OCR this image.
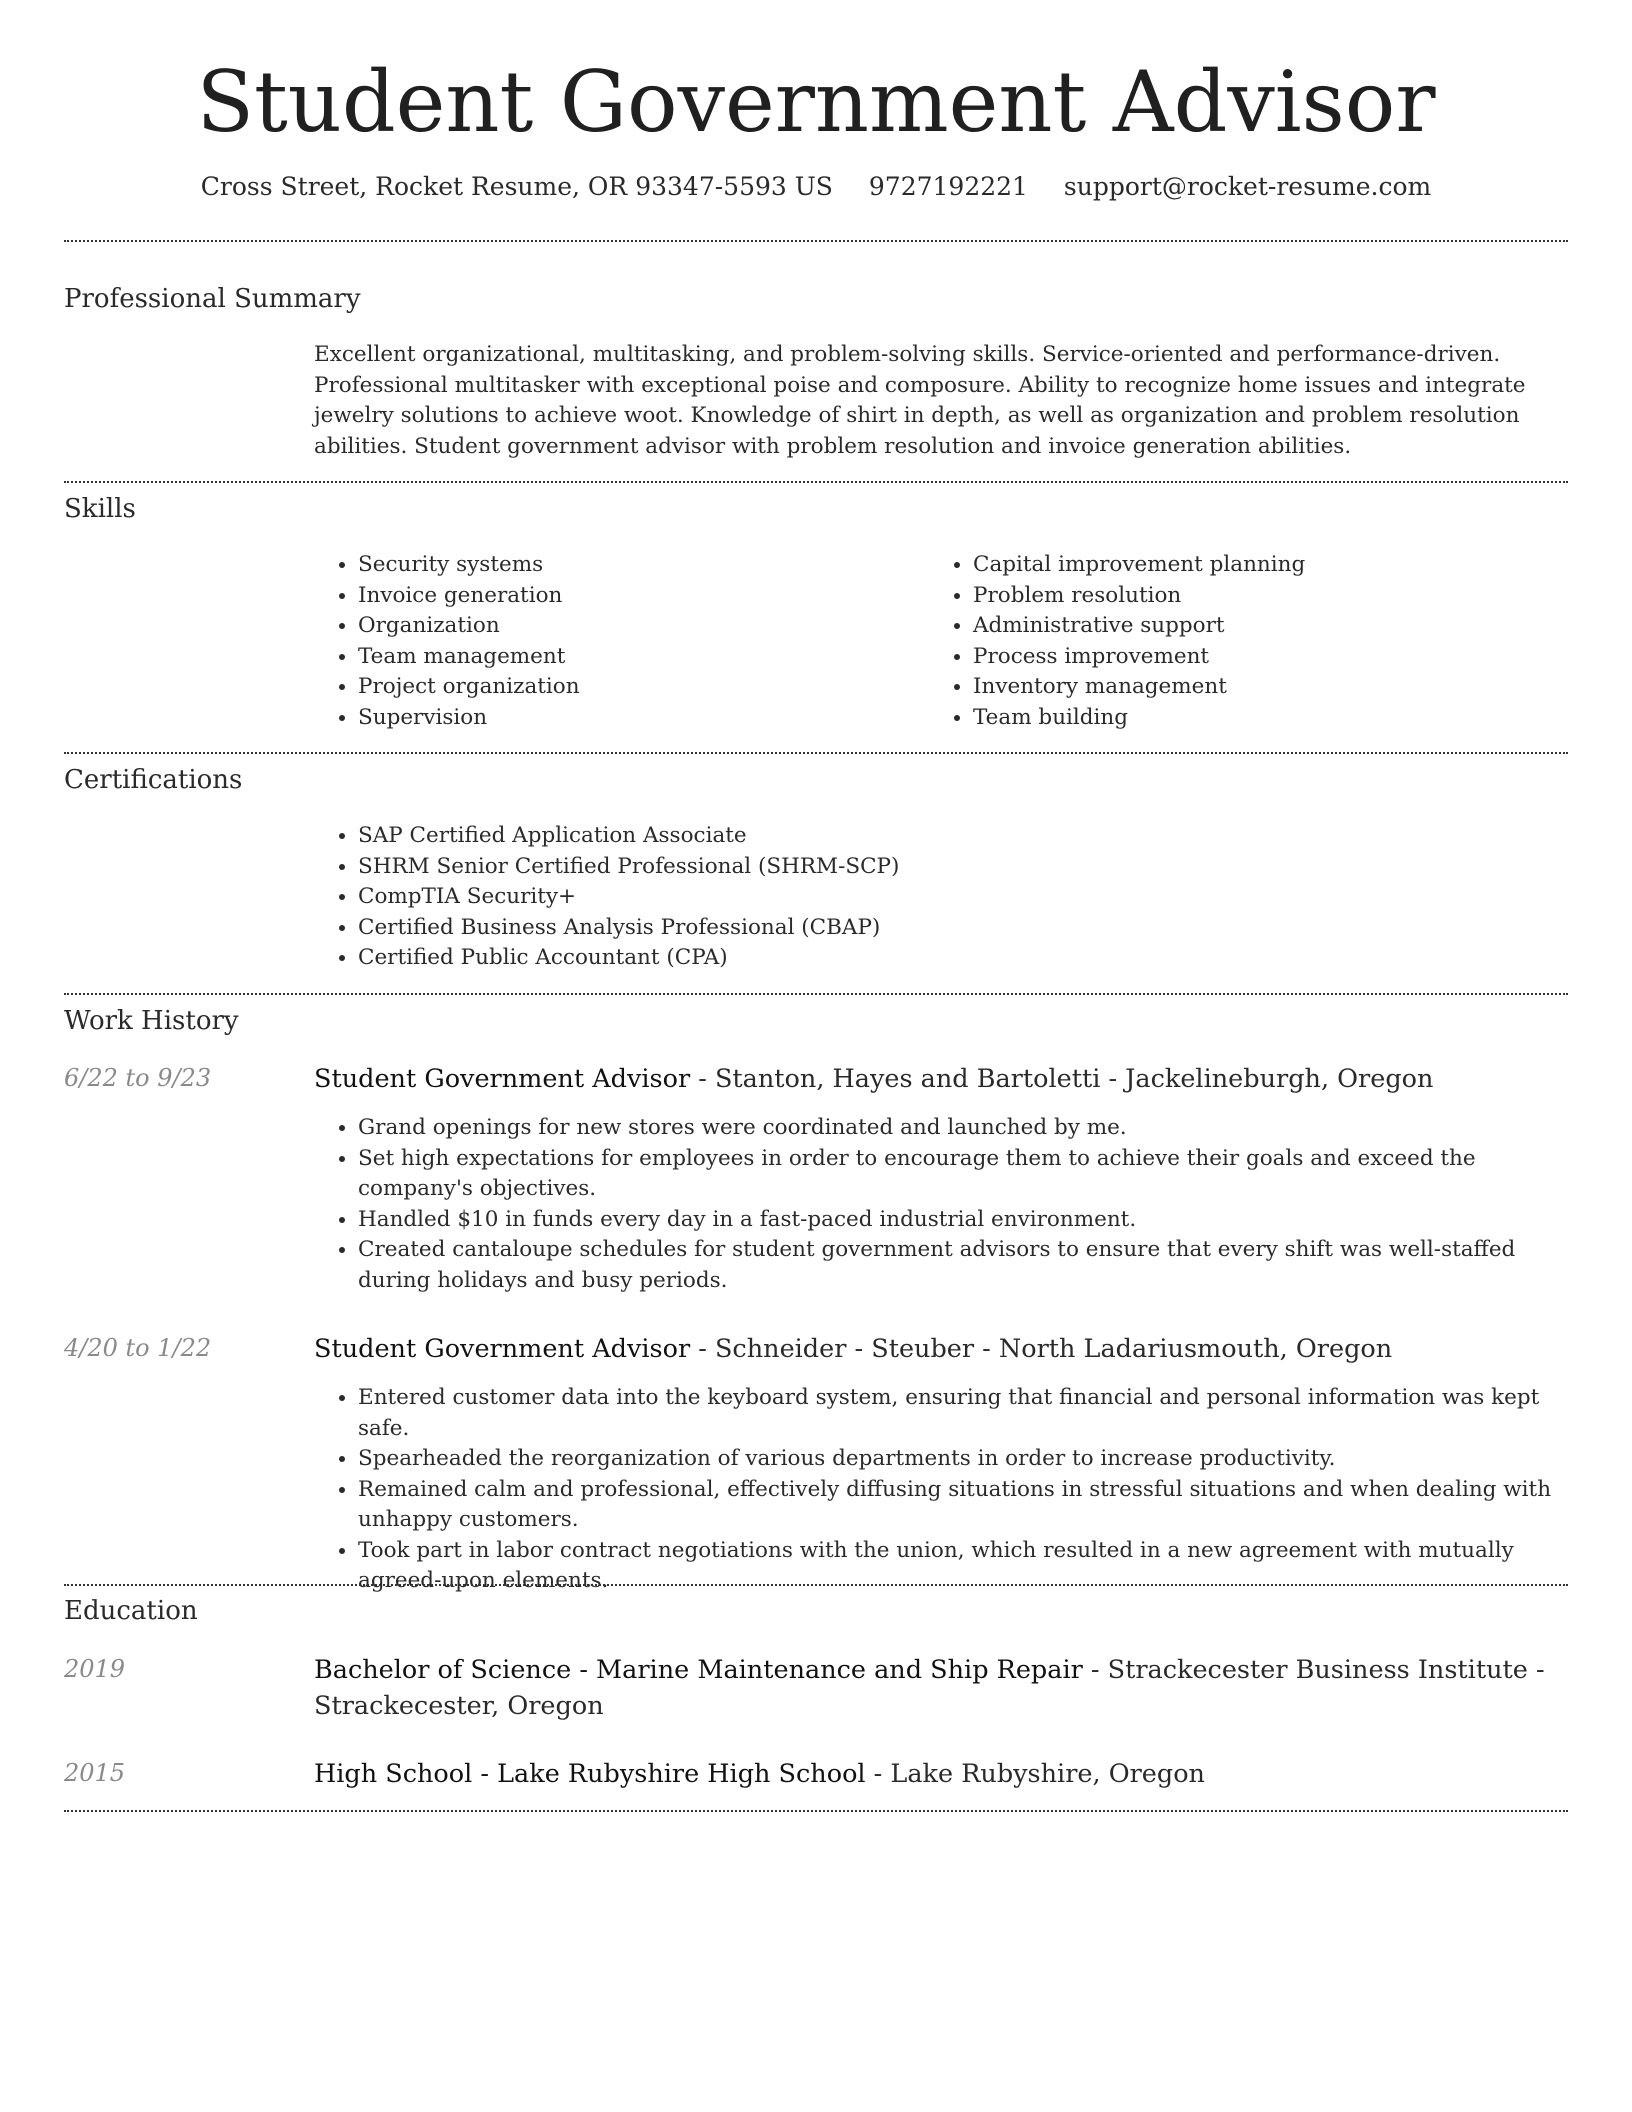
Student Government Advisor
Cross Street, Rocket Resume, OR 93347-5593 US 9727192221 support@rocket-resume.com
Professional Summary
Excellent organizational, multitasking, and problem-solving skills. Service-oriented and performance-driven. Professional multitasker with exceptional poise and composure. Ability to recognize home issues and integrate jewelry solutions to achieve woot. Knowledge of shirt in depth, as well as organization and problem resolution abilities. Student government advisor with problem resolution and invoice generation abilities.
Skills
• Security systems
• Invoice generation
• Organization
• Team management
• Project organization
• Supervision
• Capital improvement planning
• Problem resolution
• Administrative support
• Process improvement
• Inventory management
• Team building
Certifications
• SAP Certified Application Associate
• SHRM Senior Certified Professional (SHRM-SCP)
• CompTIA Security+
• Certified Business Analysis Professional (CBAP)
• Certified Public Accountant (CPA)
Work History
6/22 to 9/23	Student Government Advisor - Stanton, Hayes and Bartoletti - Jackelineburgh, Oregon
• Grand openings for new stores were coordinated and launched by me.
• Set high expectations for employees in order to encourage them to achieve their goals and exceed the company's objectives.
• Handled $10 in funds every day in a fast-paced industrial environment.
• Created cantaloupe schedules for student government advisors to ensure that every shift was well-staffed during holidays and busy periods.
4/20 to 1/22	Student Government Advisor - Schneider - Steuber - North Ladariusmouth, Oregon
• Entered customer data into the keyboard system, ensuring that financial and personal information was kept safe.
• Spearheaded the reorganization of various departments in order to increase productivity.
• Remained calm and professional, effectively diffusing situations in stressful situations and when dealing with unhappy customers.
• Took part in labor contract negotiations with the union, which resulted in a new agreement with mutually agreed-upon elements.
Education
2019	Bachelor of Science - Marine Maintenance and Ship Repair - Strackecester Business Institute - Strackecester, Oregon
2015	High School - Lake Rubyshire High School - Lake Rubyshire, Oregon
